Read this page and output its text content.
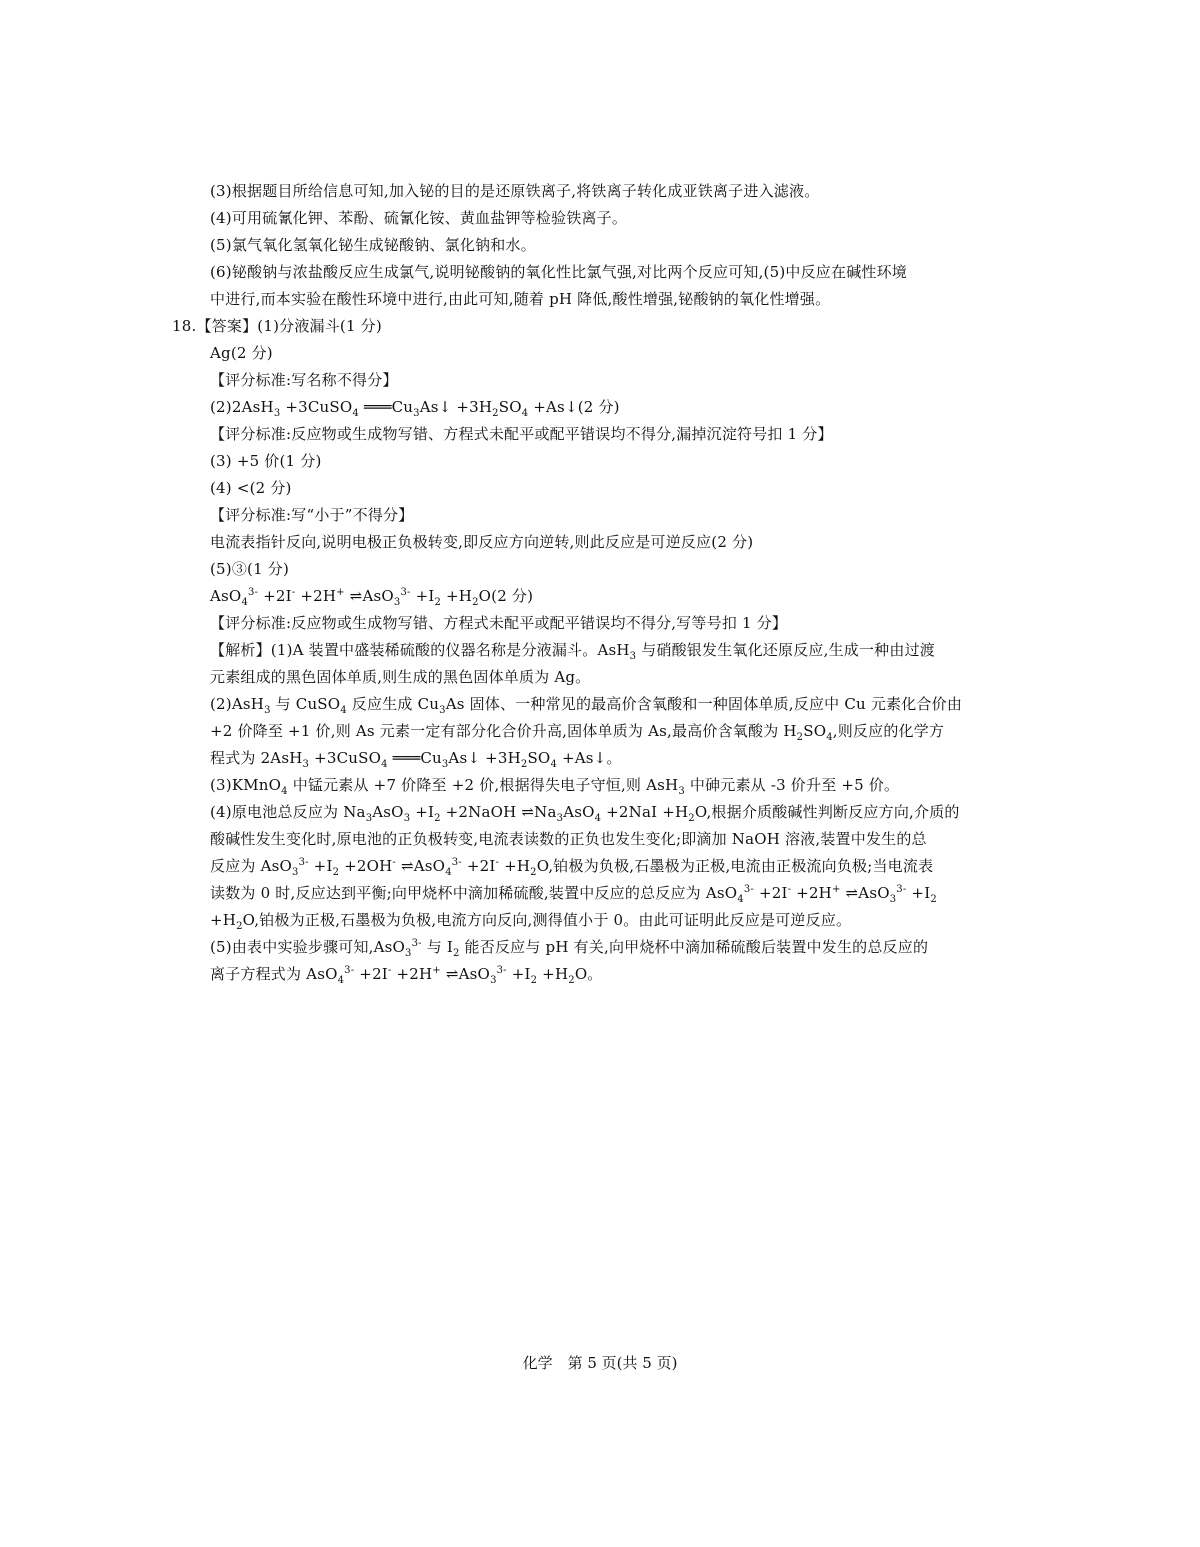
(3)根据题目所给信息可知,加入铋的目的是还原铁离子,将铁离子转化成亚铁离子进入滤液。
(4)可用硫氰化钾、苯酚、硫氰化铵、黄血盐钾等检验铁离子。
(5)氯气氧化氢氧化铋生成铋酸钠、氯化钠和水。
(6)铋酸钠与浓盐酸反应生成氯气,说明铋酸钠的氧化性比氯气强,对比两个反应可知,(5)中反应在碱性环境
中进行,而本实验在酸性环境中进行,由此可知,随着 pH 降低,酸性增强,铋酸钠的氧化性增强。
18.【答案】(1)分液漏斗(1 分)
Ag(2 分)
【评分标准:写名称不得分】
(2)2AsH$_3$ +3CuSO$_4$ $═══Cu_3As↓ +3H_2SO_4$ +As↓(2 分)
【评分标准:反应物或生成物写错、方程式未配平或配平错误均不得分,漏掉沉淀符号扣 1 分】
(3) +5 价(1 分)
(4) <(2 分)
【评分标准:写“小于”不得分】
电流表指针反向,说明电极正负极转变,即反应方向逆转,则此反应是可逆反应(2 分)
(5)③(1 分)
AsO$_4^{3-}$ +2I- +2H+ ⇌AsO$_3^{3-}$ $+I_2 +H_2O(2$ 分)
【评分标准:反应物或生成物写错、方程式未配平或配平错误均不得分,写等号扣 1 分】
【解析】(1)A 装置中盛装稀硫酸的仪器名称是分液漏斗。AsH$_3$ 与硝酸银发生氧化还原反应,生成一种由过渡
元素组成的黑色固体单质,则生成的黑色固体单质为 Ag。
(2)AsH$_3$ 与 CuSO$_4$ 反应生成 $Cu_3As$ 固体、一种常见的最高价含氧酸和一种固体单质,反应中 Cu 元素化合价由
+2 价降至 +1 价,则 As 元素一定有部分化合价升高,固体单质为 As,最高价含氧酸为 $H_2SO_4$,则反应的化学方
程式为 2AsH$_3$ +3CuSO$_4$ $═══Cu_3As↓ +3H_2SO_4$ +As↓。
(3)KMnO$_4$ 中锰元素从 +7 价降至 +2 价,根据得失电子守恒,则 AsH$_3$ 中砷元素从 -3 价升至 +5 价。
(4)原电池总反应为 $Na_3AsO_3 +I_2$ +2NaOH $\rightleftharpoons Na_3AsO_4 +2NaI +H_2O$,根据介质酸碱性判断反应方向,介质的
酸碱性发生变化时,原电池的正负极转变,电流表读数的正负也发生变化;即滴加 NaOH 溶液,装置中发生的总
反应为 $AsO_3^{3-} +I_2 +2OH^-$ ⇌AsO$_4^{3-}$ $+2I^- +H_2O$,铂极为负极,石墨极为正极,电流由正极流向负极;当电流表
读数为 0 时,反应达到平衡;向甲烧杯中滴加稀硫酸,装置中反应的总反应为 AsO$_4^{3-}$ +2I- +2H+ ⇌AsO$_3^{3-}$ $+I_2$
$+H_2O$,铂极为正极,石墨极为负极,电流方向反向,测得值小于 0。由此可证明此反应是可逆反应。
(5)由表中实验步骤可知,AsO$_3^{3-}$ 与 $I_2$ 能否反应与 pH 有关,向甲烧杯中滴加稀硫酸后装置中发生的总反应的
离子方程式为 AsO$_4^{3-}$ +2I- +2H+ ⇌AsO$_3^{3-}$ $+I_2 +H_2O$。
化学　第 5 页(共 5 页)
